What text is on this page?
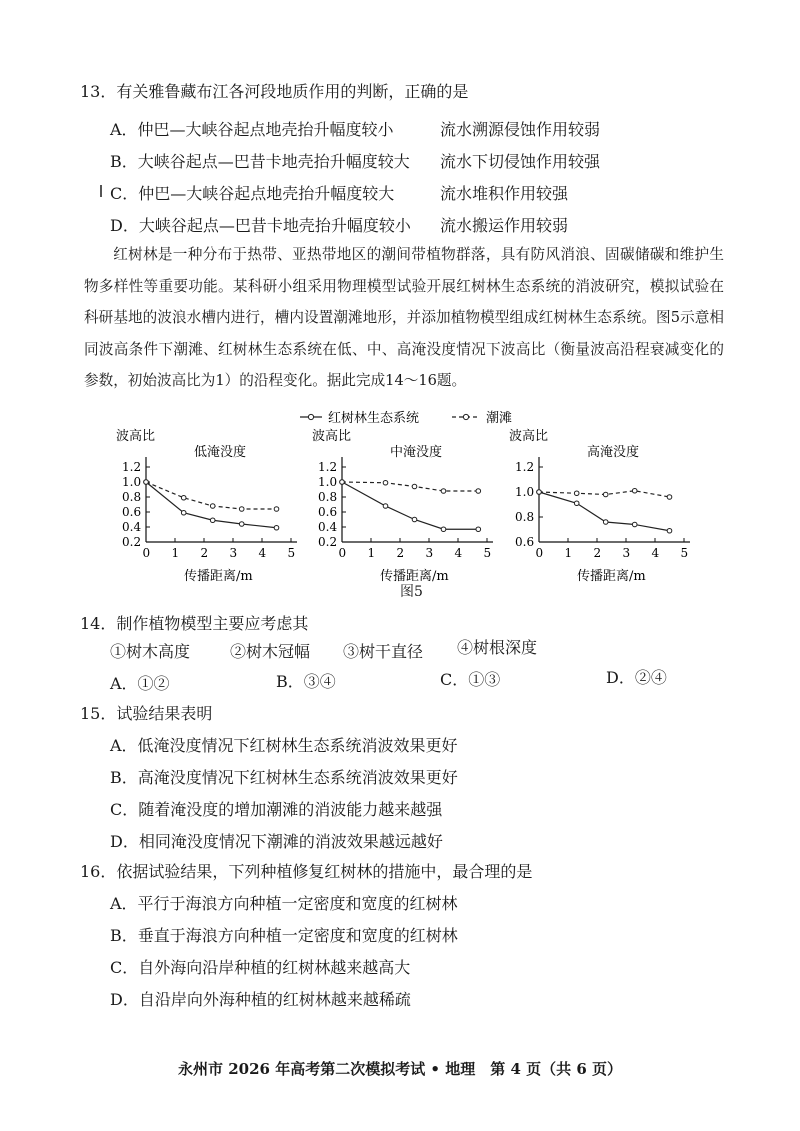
13．有关雅鲁藏布江各河段地质作用的判断，正确的是
A．仲巴—大峡谷起点地壳抬升幅度较小	流水溯源侵蚀作用较弱
B．大峡谷起点—巴昔卡地壳抬升幅度较大 流水下切侵蚀作用较强
C．仲巴—大峡谷起点地壳抬升幅度较大	流水堆积作用较强
D．大峡谷起点—巴昔卡地壳抬升幅度较小 流水搬运作用较弱
红树林是一种分布于热带、亚热带地区的潮间带植物群落，具有防风消浪、固碳储碳和维护生物多样性等重要功能。某科研小组采用物理模型试验开展红树林生态系统的消波研究，模拟试验在科研基地的波浪水槽内进行，槽内设置潮滩地形，并添加植物模型组成红树林生态系统。图5示意相同波高条件下潮滩、红树林生态系统在低、中、高淹没度情况下波高比（衡量波高沿程衰减变化的参数，初始波高比为1）的沿程变化。据此完成14～16题。
红树林生态系统	潮滩
波高比
低淹没度
传播距离/m
0.2
0.4
0.6
0.8
1.0
1.2
0 1 2 3 4 5
波高比
中淹没度
传播距离/m
0.2
0.4
0.6
0.8
1.0
1.2
0 1 2 3 4 5
波高比
高淹没度
传播距离/m
0.6
0.8
1.0
1.2
0 1 2 3 4 5
图5
14．制作植物模型主要应考虑其
①树木高度 ②树木冠幅 ③树干直径 ④树根深度
A．①②	B．③④	C．①③	D．②④
15．试验结果表明
A．低淹没度情况下红树林生态系统消波效果更好
B．高淹没度情况下红树林生态系统消波效果更好
C．随着淹没度的增加潮滩的消波能力越来越强
D．相同淹没度情况下潮滩的消波效果越远越好
16．依据试验结果，下列种植修复红树林的措施中，最合理的是
A．平行于海浪方向种植一定密度和宽度的红树林
B．垂直于海浪方向种植一定密度和宽度的红树林
C．自外海向沿岸种植的红树林越来越高大
D．自沿岸向外海种植的红树林越来越稀疏
永州市 2026 年高考第二次模拟考试 • 地理　第 4 页（共 6 页）
